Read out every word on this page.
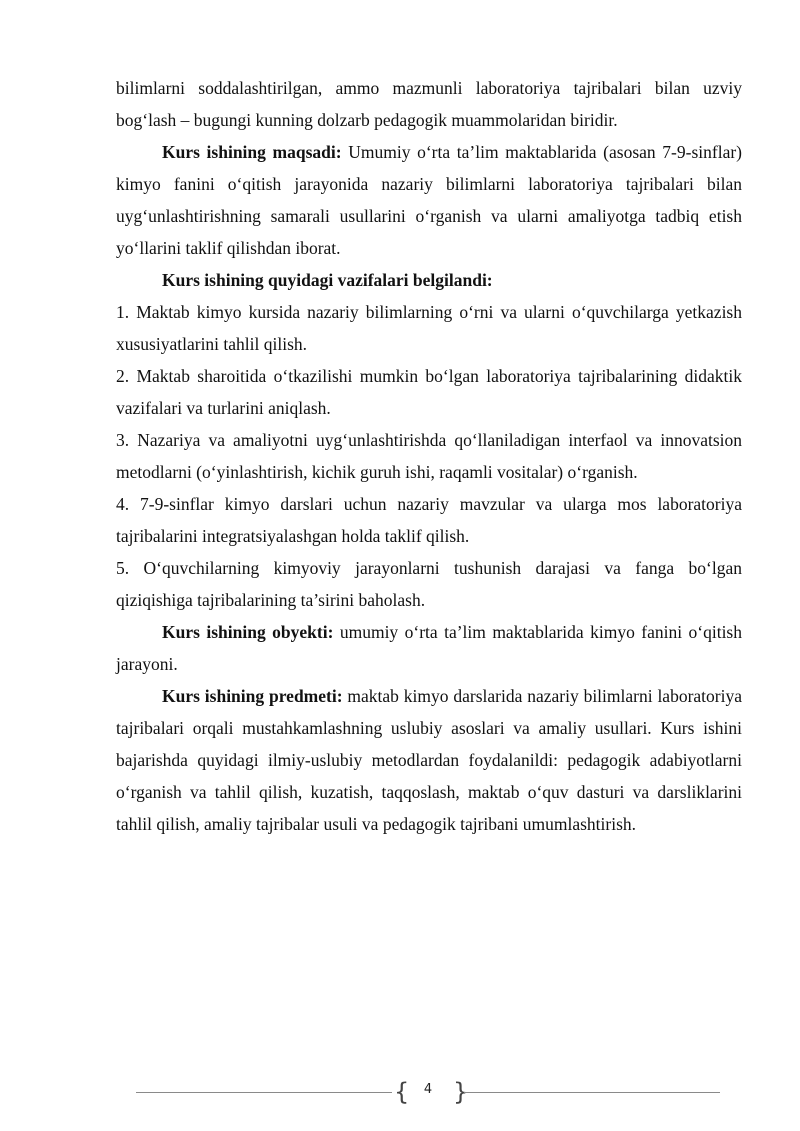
bilimlarni soddalashtirilgan, ammo mazmunli laboratoriya tajribalari bilan uzviy bog‘lash – bugungi kunning dolzarb pedagogik muammolaridan biridir.

Kurs ishining maqsadi: Umumiy o‘rta ta’lim maktablarida (asosan 7-9-sinflar) kimyo fanini o‘qitish jarayonida nazariy bilimlarni laboratoriya tajribalari bilan uyg‘unlashtirishning samarali usullarini o‘rganish va ularni amaliyotga tadbiq etish yo‘llarini taklif qilishdan iborat.

Kurs ishining quyidagi vazifalari belgilandi:

1. Maktab kimyo kursida nazariy bilimlarning o‘rni va ularni o‘quvchilarga yetkazish xususiyatlarini tahlil qilish.

2. Maktab sharoitida o‘tkazilishi mumkin bo‘lgan laboratoriya tajribalarining didaktik vazifalari va turlarini aniqlash.

3. Nazariya va amaliyotni uyg‘unlashtirishda qo‘llaniladigan interfaol va innovatsion metodlarni (o‘yinlashtirish, kichik guruh ishi, raqamli vositalar) o‘rganish.

4. 7-9-sinflar kimyo darslari uchun nazariy mavzular va ularga mos laboratoriya tajribalarini integratsiyalashgan holda taklif qilish.

5. O‘quvchilarning kimyoviy jarayonlarni tushunish darajasi va fanga bo‘lgan qiziqishiga tajribalarining ta’sirini baholash.

Kurs ishining obyekti: umumiy o‘rta ta’lim maktablarida kimyo fanini o‘qitish jarayoni.

Kurs ishining predmeti: maktab kimyo darslarida nazariy bilimlarni laboratoriya tajribalari orqali mustahkamlashning uslubiy asoslari va amaliy usullari. Kurs ishini bajarishda quyidagi ilmiy-uslubiy metodlardan foydalanildi: pedagogik adabiyotlarni o‘rganish va tahlil qilish, kuzatish, taqqoslash, maktab o‘quv dasturi va darsliklarini tahlil qilish, amaliy tajribalar usuli va pedagogik tajribani umumlashtirish.

{	4 }
